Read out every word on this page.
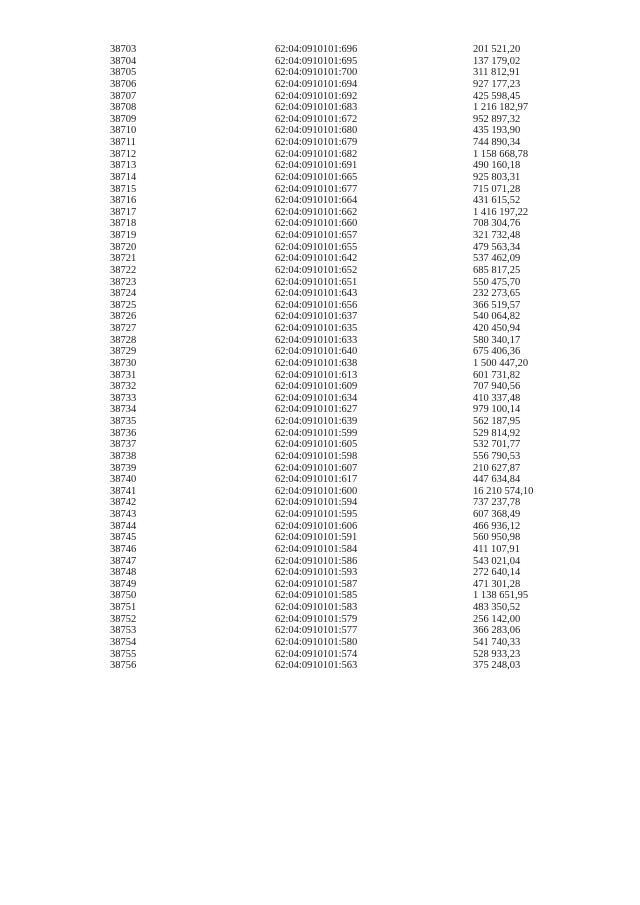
38703	62:04:0910101:696	201 521,20
38704	62:04:0910101:695	137 179,02
38705	62:04:0910101:700	311 812,91
38706	62:04:0910101:694	927 177,23
38707	62:04:0910101:692	425 598,45
38708	62:04:0910101:683	1 216 182,97
38709	62:04:0910101:672	952 897,32
38710	62:04:0910101:680	435 193,90
38711	62:04:0910101:679	744 890,34
38712	62:04:0910101:682	1 158 668,78
38713	62:04:0910101:691	490 160,18
38714	62:04:0910101:665	925 803,31
38715	62:04:0910101:677	715 071,28
38716	62:04:0910101:664	431 615,52
38717	62:04:0910101:662	1 416 197,22
38718	62:04:0910101:660	708 304,76
38719	62:04:0910101:657	321 732,48
38720	62:04:0910101:655	479 563,34
38721	62:04:0910101:642	537 462,09
38722	62:04:0910101:652	685 817,25
38723	62:04:0910101:651	550 475,70
38724	62:04:0910101:643	232 273,65
38725	62:04:0910101:656	366 519,57
38726	62:04:0910101:637	540 064,82
38727	62:04:0910101:635	420 450,94
38728	62:04:0910101:633	580 340,17
38729	62:04:0910101:640	675 406,36
38730	62:04:0910101:638	1 500 447,20
38731	62:04:0910101:613	601 731,82
38732	62:04:0910101:609	707 940,56
38733	62:04:0910101:634	410 337,48
38734	62:04:0910101:627	979 100,14
38735	62:04:0910101:639	562 187,95
38736	62:04:0910101:599	529 814,92
38737	62:04:0910101:605	532 701,77
38738	62:04:0910101:598	556 790,53
38739	62:04:0910101:607	210 627,87
38740	62:04:0910101:617	447 634,84
38741	62:04:0910101:600	16 210 574,10
38742	62:04:0910101:594	737 237,78
38743	62:04:0910101:595	607 368,49
38744	62:04:0910101:606	466 936,12
38745	62:04:0910101:591	560 950,98
38746	62:04:0910101:584	411 107,91
38747	62:04:0910101:586	543 021,04
38748	62:04:0910101:593	272 640,14
38749	62:04:0910101:587	471 301,28
38750	62:04:0910101:585	1 138 651,95
38751	62:04:0910101:583	483 350,52
38752	62:04:0910101:579	256 142,00
38753	62:04:0910101:577	366 283,06
38754	62:04:0910101:580	541 740,33
38755	62:04:0910101:574	528 933,23
38756	62:04:0910101:563	375 248,03
